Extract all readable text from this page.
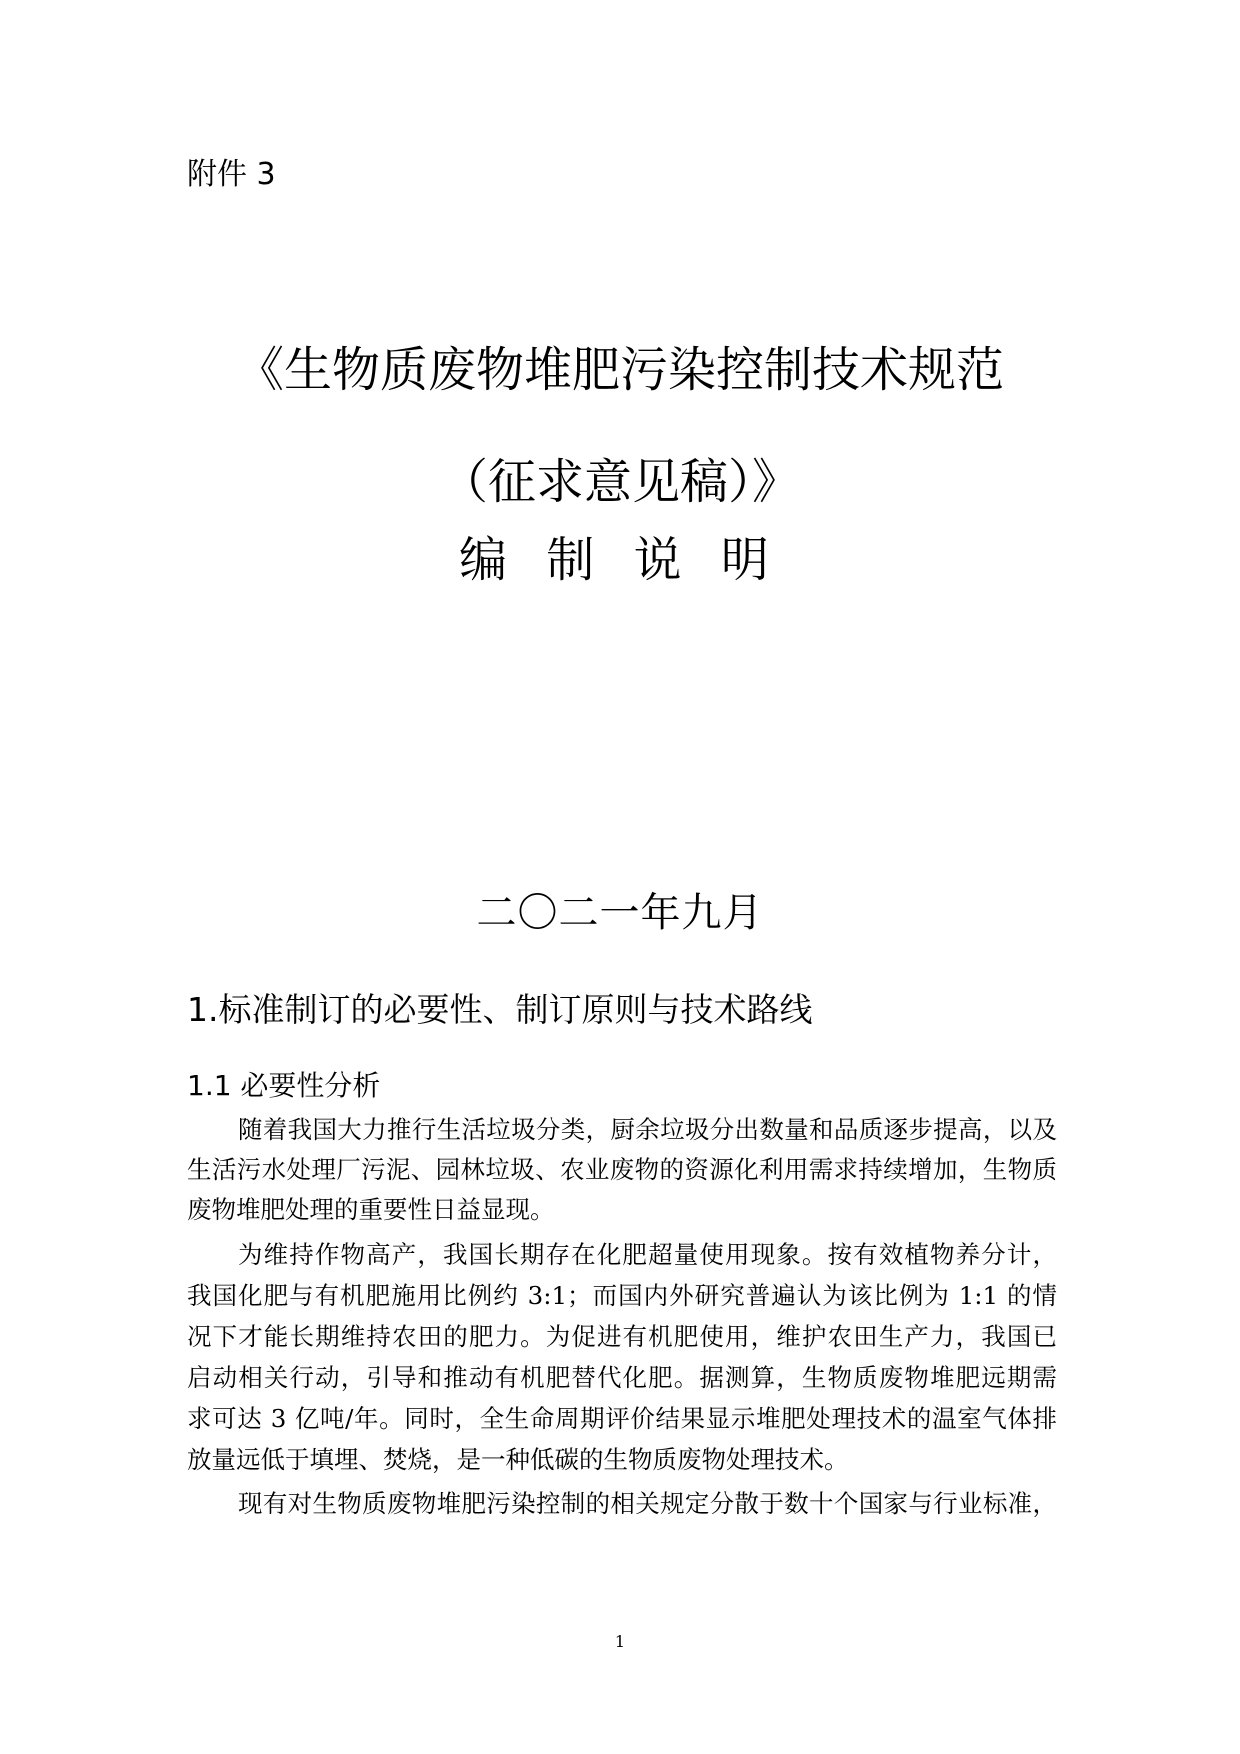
附件 3
《生物质废物堆肥污染控制技术规范
（征求意见稿）》
编 制 说 明
二〇二一年九月
1.标准制订的必要性、制订原则与技术路线
1.1 必要性分析
随着我国大力推行生活垃圾分类，厨余垃圾分出数量和品质逐步提高，以及
生活污水处理厂污泥、园林垃圾、农业废物的资源化利用需求持续增加，生物质
废物堆肥处理的重要性日益显现。
为维持作物高产，我国长期存在化肥超量使用现象。按有效植物养分计，
我国化肥与有机肥施用比例约 3:1；而国内外研究普遍认为该比例为 1:1 的情
况下才能长期维持农田的肥力。为促进有机肥使用，维护农田生产力，我国已
启动相关行动，引导和推动有机肥替代化肥。据测算，生物质废物堆肥远期需
求可达 3 亿吨/年。同时，全生命周期评价结果显示堆肥处理技术的温室气体排
放量远低于填埋、焚烧，是一种低碳的生物质废物处理技术。
现有对生物质废物堆肥污染控制的相关规定分散于数十个国家与行业标准，
1
